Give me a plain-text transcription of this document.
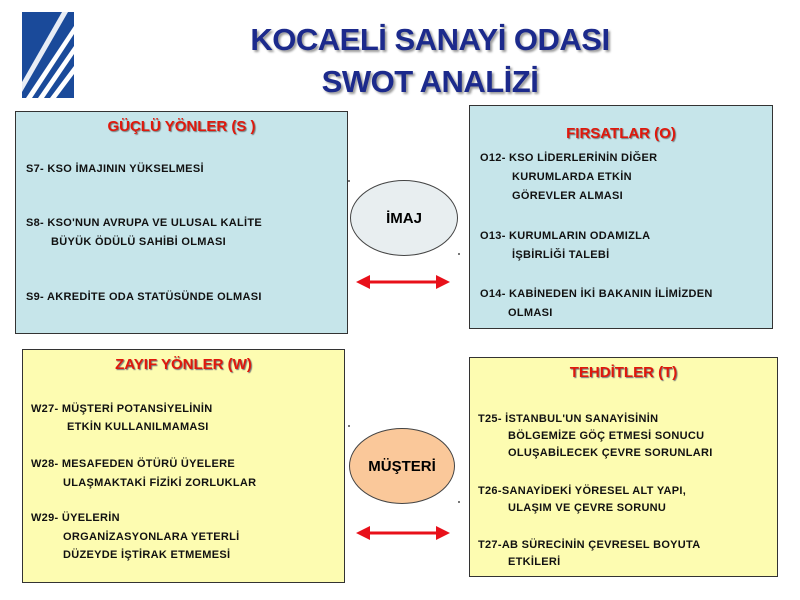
KOCAELİ SANAYİ ODASI
SWOT ANALİZİ
GÜÇLÜ YÖNLER (S )
S7- KSO İMAJININ YÜKSELMESİ
S8- KSO'NUN AVRUPA VE ULUSAL KALİTE
BÜYÜK ÖDÜLÜ SAHİBİ OLMASI
S9- AKREDİTE ODA STATÜSÜNDE OLMASI
FIRSATLAR (O)
O12- KSO LİDERLERİNİN DİĞER
KURUMLARDA ETKİN
GÖREVLER ALMASI
O13- KURUMLARIN ODAMIZLA
İŞBİRLİĞİ TALEBİ
O14- KABİNEDEN İKİ BAKANIN İLİMİZDEN
OLMASI
ZAYIF YÖNLER (W)
W27- MÜŞTERİ POTANSİYELİNİN
ETKİN KULLANILMAMASI
W28- MESAFEDEN ÖTÜRÜ ÜYELERE
ULAŞMAKTAKİ FİZİKİ ZORLUKLAR
W29- ÜYELERİN
ORGANİZASYONLARA YETERLİ
DÜZEYDE İŞTİRAK ETMEMESİ
TEHDİTLER (T)
T25- İSTANBUL'UN SANAYİSİNİN
BÖLGEMİZE GÖÇ ETMESİ SONUCU
OLUŞABİLECEK ÇEVRE SORUNLARI
T26-SANAYİDEKİ YÖRESEL ALT YAPI,
ULAŞIM VE ÇEVRE SORUNU
T27-AB SÜRECİNİN ÇEVRESEL BOYUTA
ETKİLERİ
İMAJ
MÜŞTERİ
